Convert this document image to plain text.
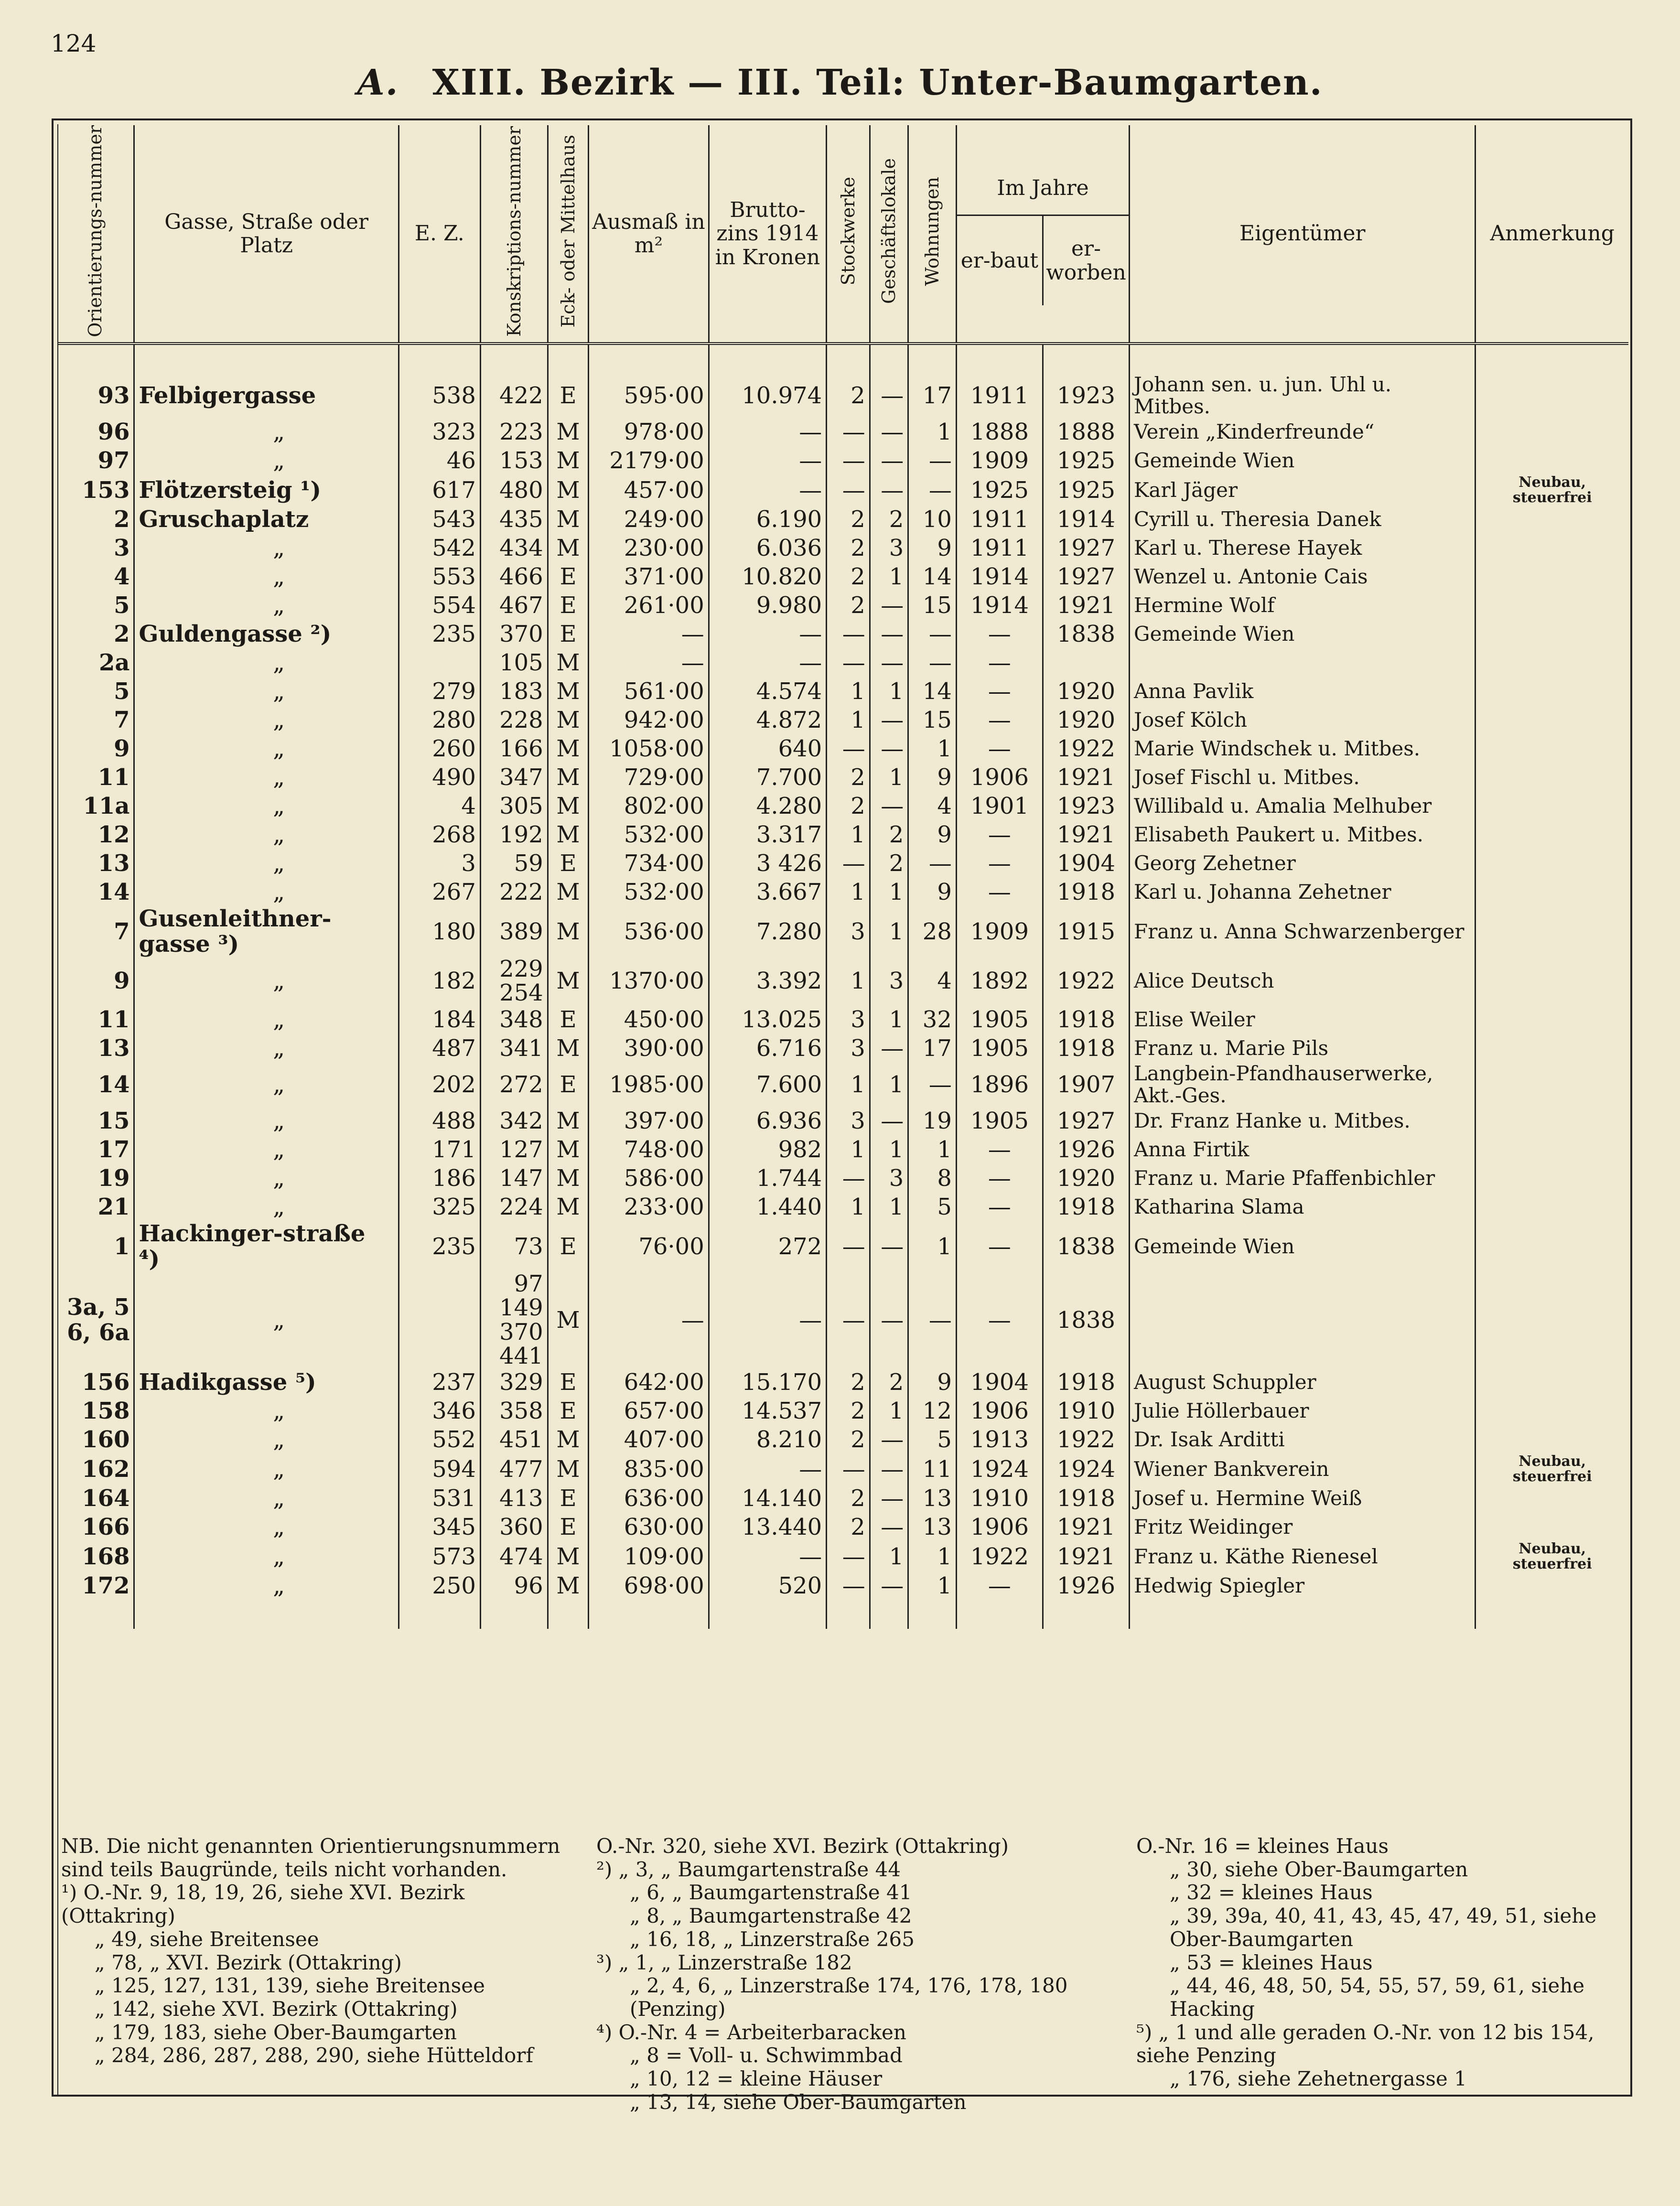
124
A. XIII. Bezirk — III. Teil: Unter-Baumgarten.
Orientierungs-nummer	Gasse, Straße oder Platz	E. Z.	Konskriptions-nummer	Eck- oder Mittelhaus	Ausmaß in m²	Brutto-zins 1914 in Kronen	Stockwerke	Geschäftslokale	Wohnungen	Im Jahre
er-baut er-worben		Eigentümer	Anmerkung

93	Felbigergasse	538	422	E	595·00	10.974	2	—	17	1911	1923	Johann sen. u. jun. Uhl u. Mitbes.	
96	„	323	223	M	978·00	—	—	—	1	1888	1888	Verein „Kinderfreunde“	
97	„	46	153	M	2179·00	—	—	—	—	1909	1925	Gemeinde Wien	
153	Flötzersteig ¹)	617	480	M	457·00	—	—	—	—	1925	1925	Karl Jäger	Neubau, steuerfrei
2	Gruschaplatz	543	435	M	249·00	6.190	2	2	10	1911	1914	Cyrill u. Theresia Danek	
3	„	542	434	M	230·00	6.036	2	3	9	1911	1927	Karl u. Therese Hayek	
4	„	553	466	E	371·00	10.820	2	1	14	1914	1927	Wenzel u. Antonie Cais	
5	„	554	467	E	261·00	9.980	2	—	15	1914	1921	Hermine Wolf	
2	Guldengasse ²)	235	370	E	—	—	—	—	—	—	1838	Gemeinde Wien	
2a	„		105	M	—	—	—	—	—	—			
5	„	279	183	M	561·00	4.574	1	1	14	—	1920	Anna Pavlik	
7	„	280	228	M	942·00	4.872	1	—	15	—	1920	Josef Kölch	
9	„	260	166	M	1058·00	640	—	—	1	—	1922	Marie Windschek u. Mitbes.	
11	„	490	347	M	729·00	7.700	2	1	9	1906	1921	Josef Fischl u. Mitbes.	
11a	„	4	305	M	802·00	4.280	2	—	4	1901	1923	Willibald u. Amalia Melhuber	
12	„	268	192	M	532·00	3.317	1	2	9	—	1921	Elisabeth Paukert u. Mitbes.	
13	„	3	59	E	734·00	3 426	—	2	—	—	1904	Georg Zehetner	
14	„	267	222	M	532·00	3.667	1	1	9	—	1918	Karl u. Johanna Zehetner	
7	Gusenleithner-gasse ³)	180	389	M	536·00	7.280	3	1	28	1909	1915	Franz u. Anna Schwarzenberger	
9	„	182	229 254	M	1370·00	3.392	1	3	4	1892	1922	Alice Deutsch	
11	„	184	348	E	450·00	13.025	3	1	32	1905	1918	Elise Weiler	
13	„	487	341	M	390·00	6.716	3	—	17	1905	1918	Franz u. Marie Pils	
14	„	202	272	E	1985·00	7.600	1	1	—	1896	1907	Langbein-Pfandhauserwerke, Akt.-Ges.	
15	„	488	342	M	397·00	6.936	3	—	19	1905	1927	Dr. Franz Hanke u. Mitbes.	
17	„	171	127	M	748·00	982	1	1	1	—	1926	Anna Firtik	
19	„	186	147	M	586·00	1.744	—	3	8	—	1920	Franz u. Marie Pfaffenbichler	
21	„	325	224	M	233·00	1.440	1	1	5	—	1918	Katharina Slama	
1	Hackinger-straße ⁴)	235	73	E	76·00	272	—	—	1	—	1838	Gemeinde Wien	
3a, 5 6, 6a	„		97 149 370 441	M	—	—	—	—	—	—	1838		
156	Hadikgasse ⁵)	237	329	E	642·00	15.170	2	2	9	1904	1918	August Schuppler	
158	„	346	358	E	657·00	14.537	2	1	12	1906	1910	Julie Höllerbauer	
160	„	552	451	M	407·00	8.210	2	—	5	1913	1922	Dr. Isak Arditti	
162	„	594	477	M	835·00	—	—	—	11	1924	1924	Wiener Bankverein	Neubau, steuerfrei
164	„	531	413	E	636·00	14.140	2	—	13	1910	1918	Josef u. Hermine Weiß	
166	„	345	360	E	630·00	13.440	2	—	13	1906	1921	Fritz Weidinger	
168	„	573	474	M	109·00	—	—	1	1	1922	1921	Franz u. Käthe Rienesel	Neubau, steuerfrei
172	„	250	96	M	698·00	520	—	—	1	—	1926	Hedwig Spiegler	

NB. Die nicht genannten Orientierungsnummern sind teils Baugründe, teils nicht vorhanden.

¹) O.-Nr. 9, 18, 19, 26, siehe XVI. Bezirk (Ottakring)

„ 49, siehe Breitensee

„ 78, „ XVI. Bezirk (Ottakring)

„ 125, 127, 131, 139, siehe Breitensee

„ 142, siehe XVI. Bezirk (Ottakring)

„ 179, 183, siehe Ober-Baumgarten

„ 284, 286, 287, 288, 290, siehe Hütteldorf

O.-Nr. 320, siehe XVI. Bezirk (Ottakring)

²) „ 3, „ Baumgartenstraße 44

„ 6, „ Baumgartenstraße 41

„ 8, „ Baumgartenstraße 42

„ 16, 18, „ Linzerstraße 265

³) „ 1, „ Linzerstraße 182

„ 2, 4, 6, „ Linzerstraße 174, 176, 178, 180 (Penzing)

⁴) O.-Nr. 4 = Arbeiterbaracken

„ 8 = Voll- u. Schwimmbad

„ 10, 12 = kleine Häuser

„ 13, 14, siehe Ober-Baumgarten

O.-Nr. 16 = kleines Haus

„ 30, siehe Ober-Baumgarten

„ 32 = kleines Haus

„ 39, 39a, 40, 41, 43, 45, 47, 49, 51, siehe Ober-Baumgarten

„ 53 = kleines Haus

„ 44, 46, 48, 50, 54, 55, 57, 59, 61, siehe Hacking

⁵) „ 1 und alle geraden O.-Nr. von 12 bis 154, siehe Penzing

„ 176, siehe Zehetnergasse 1
